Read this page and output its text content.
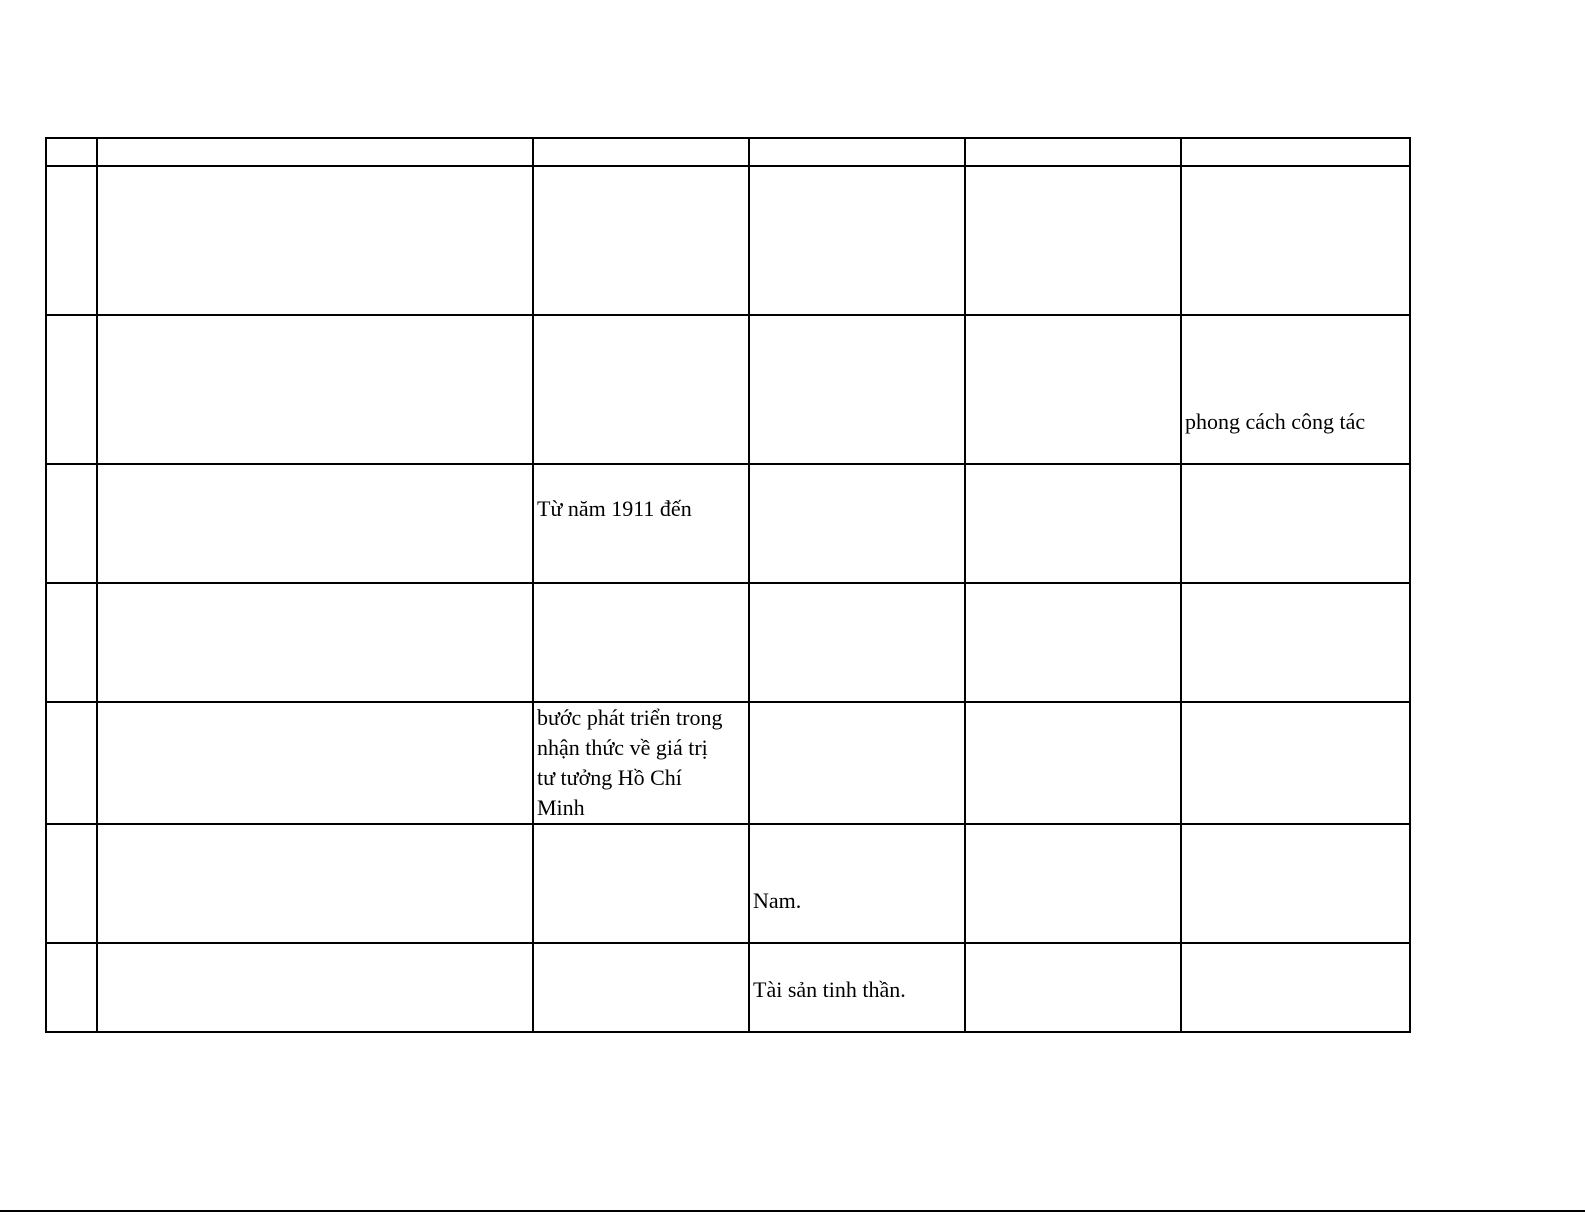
					phong cách công tác

		Từ năm 1911 đến			

		bước phát triển trong
nhận thức về giá trị
tư tưởng Hồ Chí
Minh			

			Nam.		

			Tài sản tinh thần.		
